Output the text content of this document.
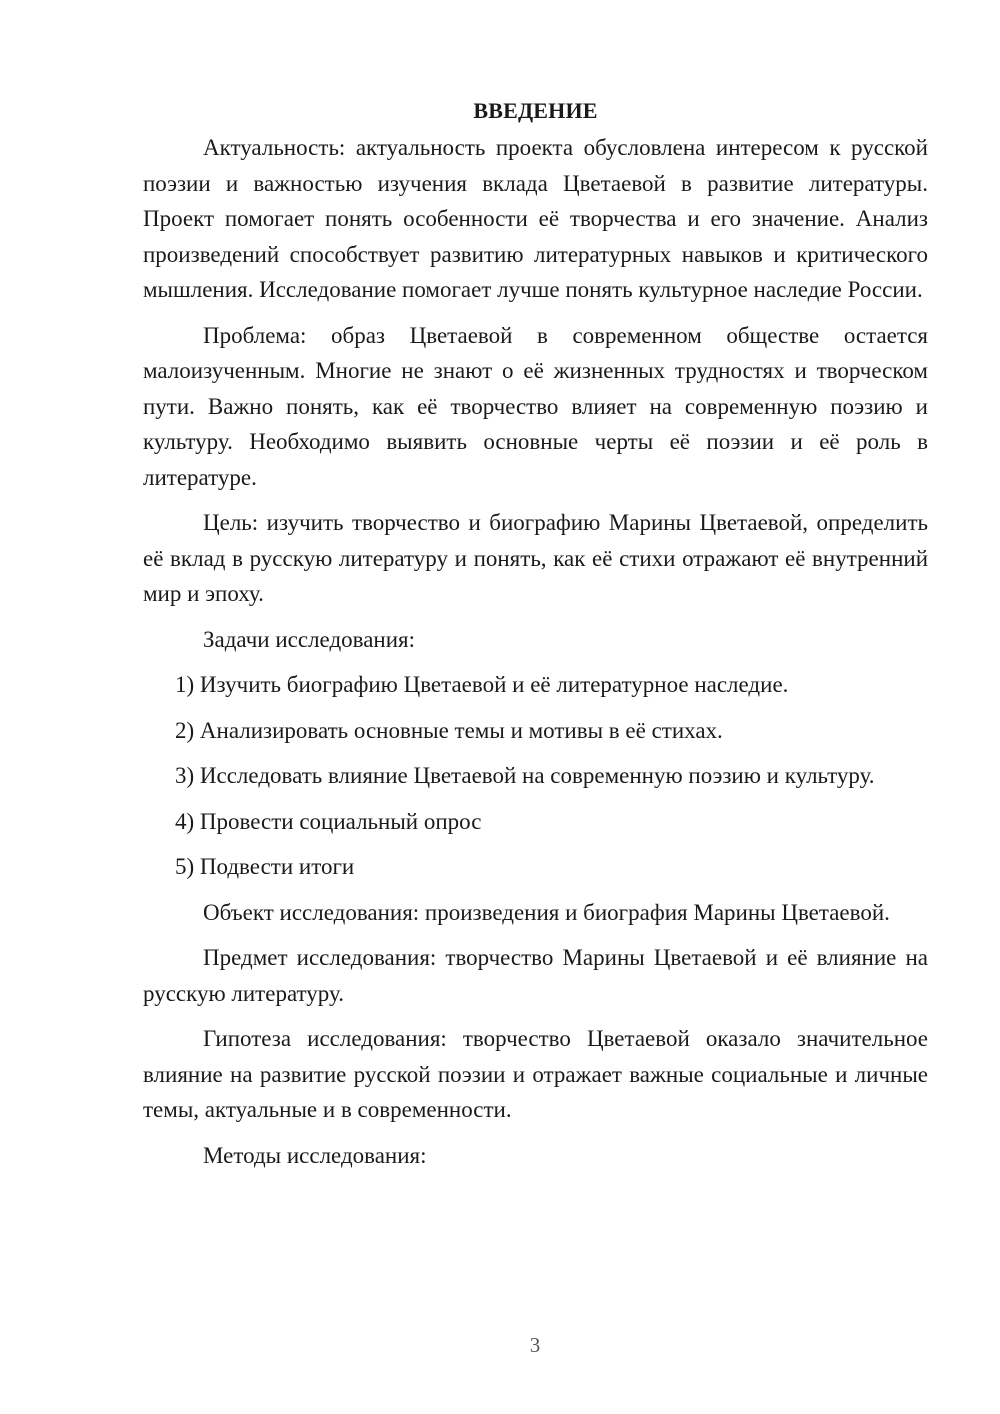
ВВЕДЕНИЕ

Актуальность: актуальность проекта обусловлена интересом к русской поэзии и важностью изучения вклада Цветаевой в развитие литературы. Проект помогает понять особенности её творчества и его значение. Анализ произведений способствует развитию литературных навыков и критического мышления. Исследование помогает лучше понять культурное наследие России.

Проблема: образ Цветаевой в современном обществе остается малоизученным. Многие не знают о её жизненных трудностях и творческом пути. Важно понять, как её творчество влияет на современную поэзию и культуру. Необходимо выявить основные черты её поэзии и её роль в литературе.

Цель: изучить творчество и биографию Марины Цветаевой, определить её вклад в русскую литературу и понять, как её стихи отражают её внутренний мир и эпоху.

Задачи исследования:

1) Изучить биографию Цветаевой и её литературное наследие.

2) Анализировать основные темы и мотивы в её стихах.

3) Исследовать влияние Цветаевой на современную поэзию и культуру.

4) Провести социальный опрос

5) Подвести итоги

Объект исследования: произведения и биография Марины Цветаевой.

Предмет исследования: творчество Марины Цветаевой и её влияние на русскую литературу.

Гипотеза исследования: творчество Цветаевой оказало значительное влияние на развитие русской поэзии и отражает важные социальные и личные темы, актуальные и в современности.

Методы исследования:

3
